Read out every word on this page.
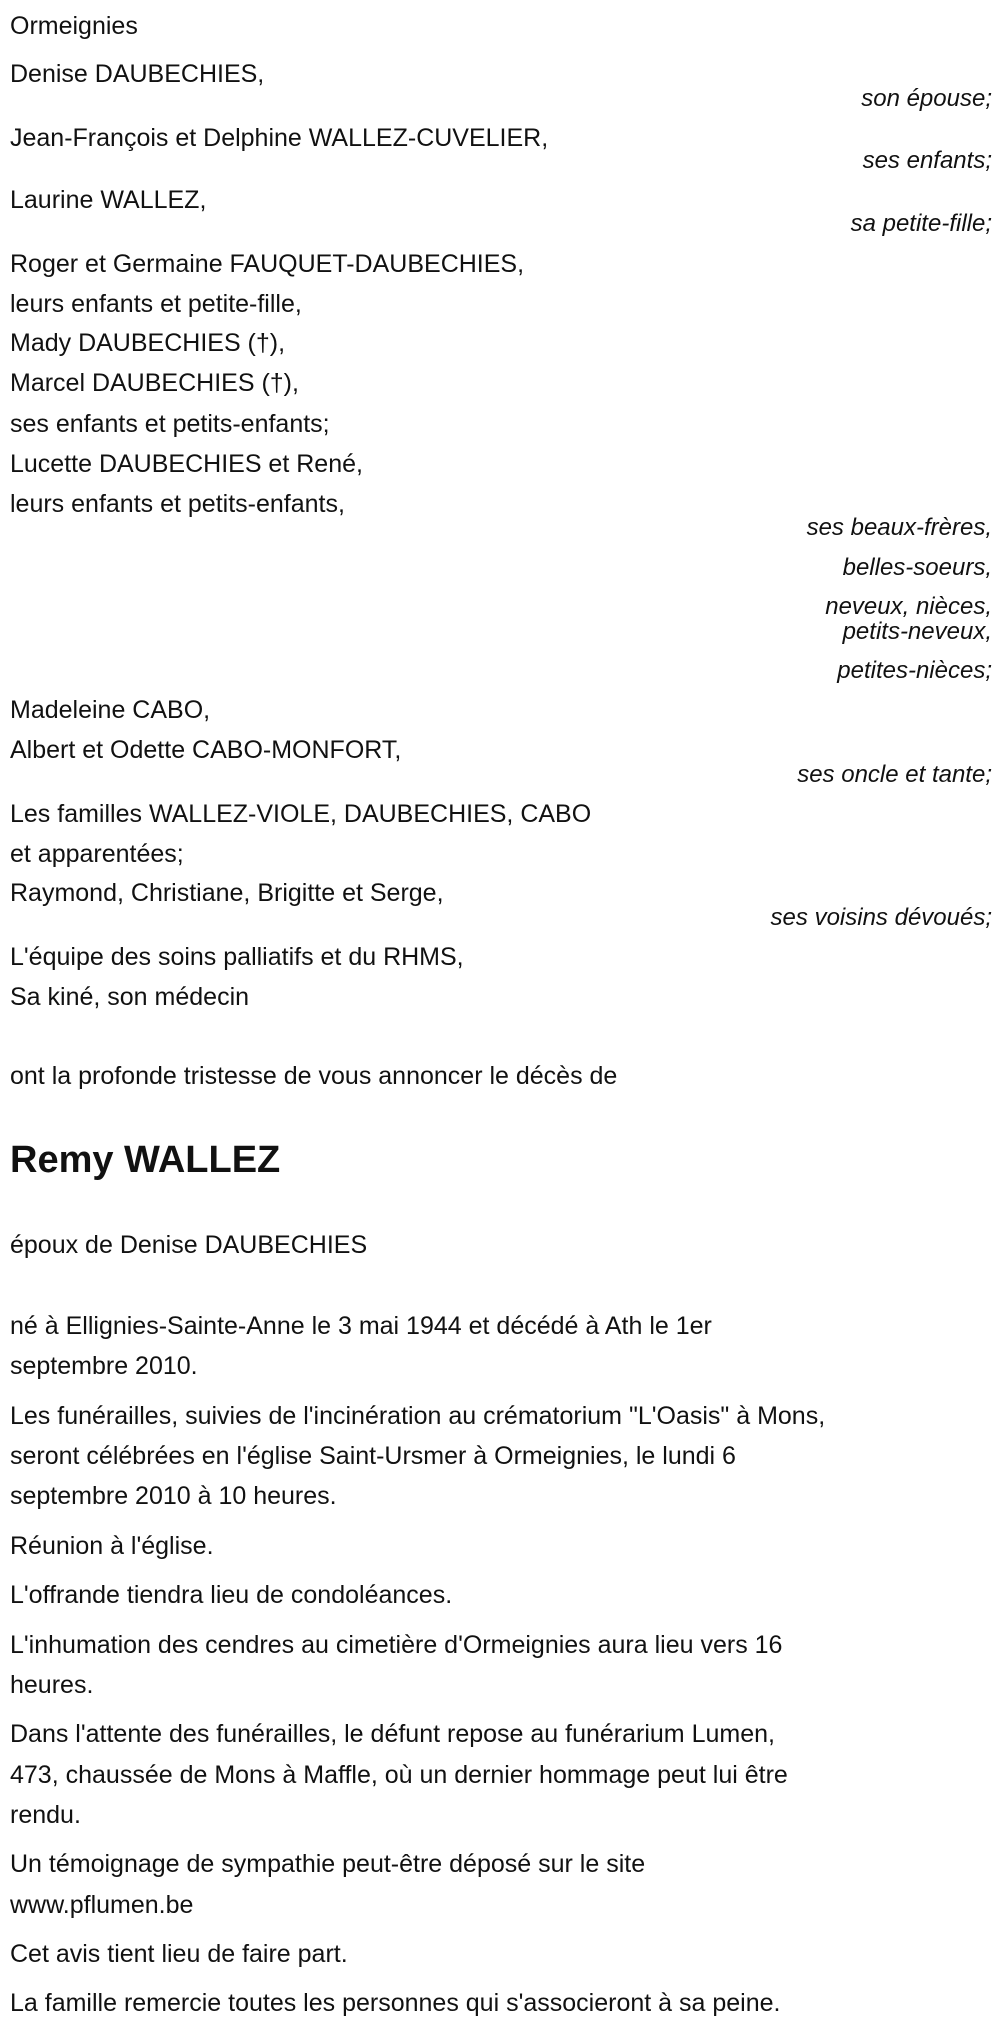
Ormeignies
Denise DAUBECHIES,
son épouse;
Jean-François et Delphine WALLEZ-CUVELIER,
ses enfants;
Laurine WALLEZ,
sa petite-fille;
Roger et Germaine FAUQUET-DAUBECHIES,
leurs enfants et petite-fille,
Mady DAUBECHIES (†),
Marcel DAUBECHIES (†),
ses enfants et petits-enfants;
Lucette DAUBECHIES et René,
leurs enfants et petits-enfants,
ses beaux-frères,
belles-soeurs,
neveux, nièces,
petits-neveux,
petites-nièces;
Madeleine CABO,
Albert et Odette CABO-MONFORT,
ses oncle et tante;
Les familles WALLEZ-VIOLE, DAUBECHIES, CABO
et apparentées;
Raymond, Christiane, Brigitte et Serge,
ses voisins dévoués;
L'équipe des soins palliatifs et du RHMS,
Sa kiné, son médecin
ont la profonde tristesse de vous annoncer le décès de
Remy WALLEZ
époux de Denise DAUBECHIES
né à Ellignies-Sainte-Anne le 3 mai 1944 et décédé à Ath le 1er
septembre 2010.
Les funérailles, suivies de l'incinération au crématorium "L'Oasis" à Mons,
seront célébrées en l'église Saint-Ursmer à Ormeignies, le lundi 6
septembre 2010 à 10 heures.
Réunion à l'église.
L'offrande tiendra lieu de condoléances.
L'inhumation des cendres au cimetière d'Ormeignies aura lieu vers 16
heures.
Dans l'attente des funérailles, le défunt repose au funérarium Lumen,
473, chaussée de Mons à Maffle, où un dernier hommage peut lui être
rendu.
Un témoignage de sympathie peut-être déposé sur le site
www.pflumen.be
Cet avis tient lieu de faire part.
La famille remercie toutes les personnes qui s'associeront à sa peine.
